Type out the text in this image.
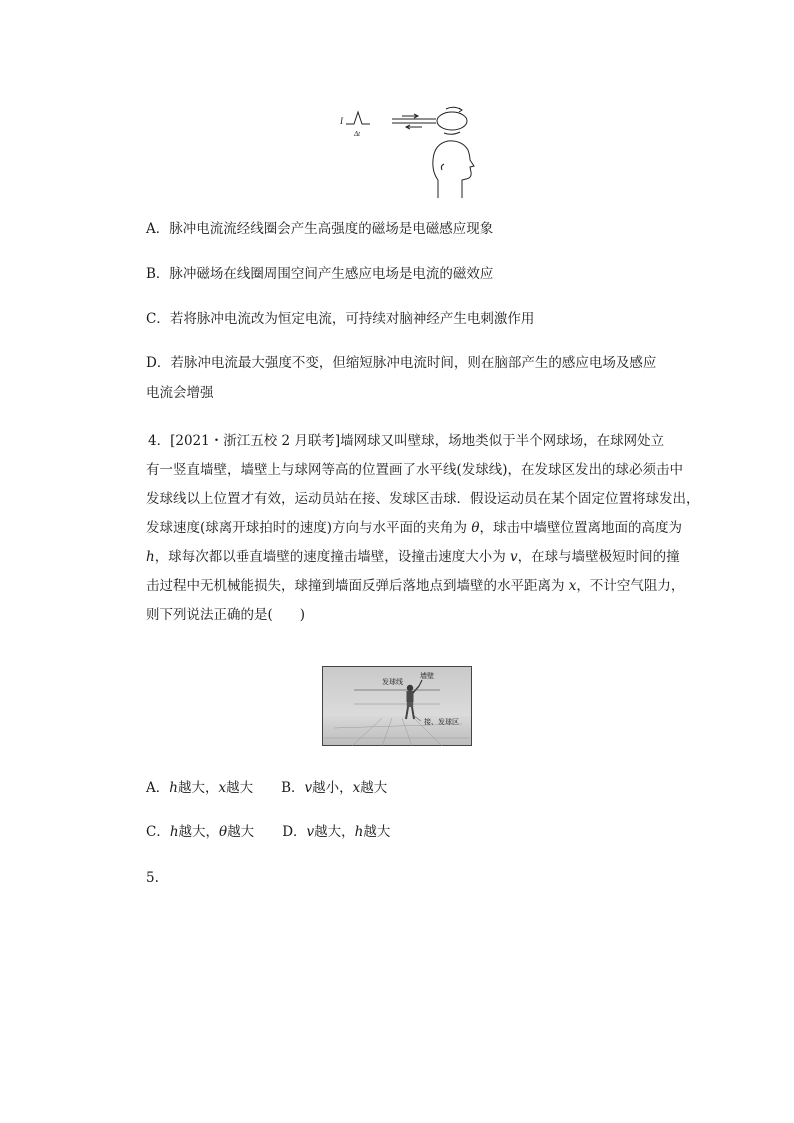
I
Δt
A．脉冲电流流经线圈会产生高强度的磁场是电磁感应现象
B．脉冲磁场在线圈周围空间产生感应电场是电流的磁效应
C．若将脉冲电流改为恒定电流，可持续对脑神经产生电刺激作用
D．若脉冲电流最大强度不变，但缩短脉冲电流时间，则在脑部产生的感应电场及感应
电流会增强
4．[2021・浙江五校 2 月联考]墙网球又叫壁球，场地类似于半个网球场，在球网处立
有一竖直墙壁，墙壁上与球网等高的位置画了水平线(发球线)，在发球区发出的球必须击中
发球线以上位置才有效，运动员站在接、发球区击球．假设运动员在某个固定位置将球发出，
发球速度(球离开球拍时的速度)方向与水平面的夹角为 θ，球击中墙壁位置离地面的高度为
h，球每次都以垂直墙壁的速度撞击墙壁，设撞击速度大小为 v，在球与墙壁极短时间的撞
击过程中无机械能损失，球撞到墙面反弹后落地点到墙壁的水平距离为 x，不计空气阻力，
则下列说法正确的是(　　)
发球线
墙壁
接、发球区
A．h越大，x越大 B．v越小，x越大
C．h越大，θ越大 D．v越大，h越大
5.
